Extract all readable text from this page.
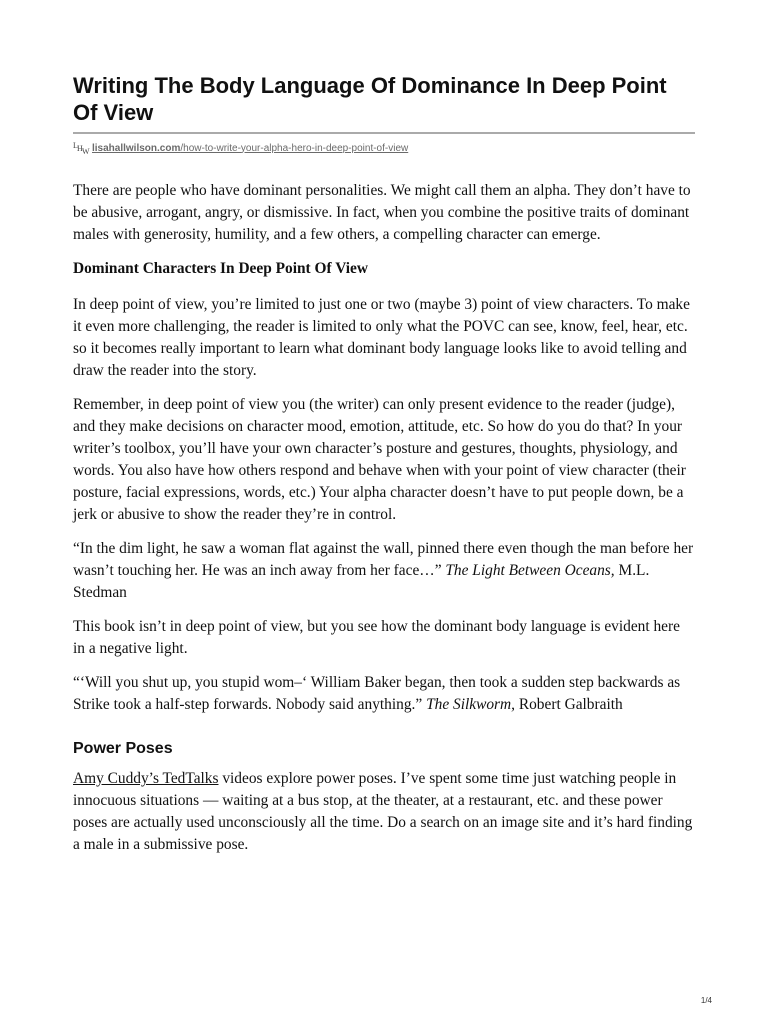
Writing The Body Language Of Dominance In Deep Point Of View
L H W lisahallwilson.com/how-to-write-your-alpha-hero-in-deep-point-of-view

There are people who have dominant personalities. We might call them an alpha. They don’t have to be abusive, arrogant, angry, or dismissive. In fact, when you combine the positive traits of dominant males with generosity, humility, and a few others, a compelling character can emerge.

Dominant Characters In Deep Point Of View

In deep point of view, you’re limited to just one or two (maybe 3) point of view characters. To make it even more challenging, the reader is limited to only what the POVC can see, know, feel, hear, etc. so it becomes really important to learn what dominant body language looks like to avoid telling and draw the reader into the story.

Remember, in deep point of view you (the writer) can only present evidence to the reader (judge), and they make decisions on character mood, emotion, attitude, etc. So how do you do that? In your writer’s toolbox, you’ll have your own character’s posture and gestures, thoughts, physiology, and words. You also have how others respond and behave when with your point of view character (their posture, facial expressions, words, etc.) Your alpha character doesn’t have to put people down, be a jerk or abusive to show the reader they’re in control.

“In the dim light, he saw a woman flat against the wall, pinned there even though the man before her wasn’t touching her. He was an inch away from her face…” The Light Between Oceans, M.L. Stedman

This book isn’t in deep point of view, but you see how the dominant body language is evident here in a negative light.

“‘Will you shut up, you stupid wom–‘ William Baker began, then took a sudden step backwards as Strike took a half-step forwards. Nobody said anything.” The Silkworm, Robert Galbraith

Power Poses

Amy Cuddy’s TedTalks videos explore power poses. I’ve spent some time just watching people in innocuous situations — waiting at a bus stop, at the theater, at a restaurant, etc. and these power poses are actually used unconsciously all the time. Do a search on an image site and it’s hard finding a male in a submissive pose.

1/4
